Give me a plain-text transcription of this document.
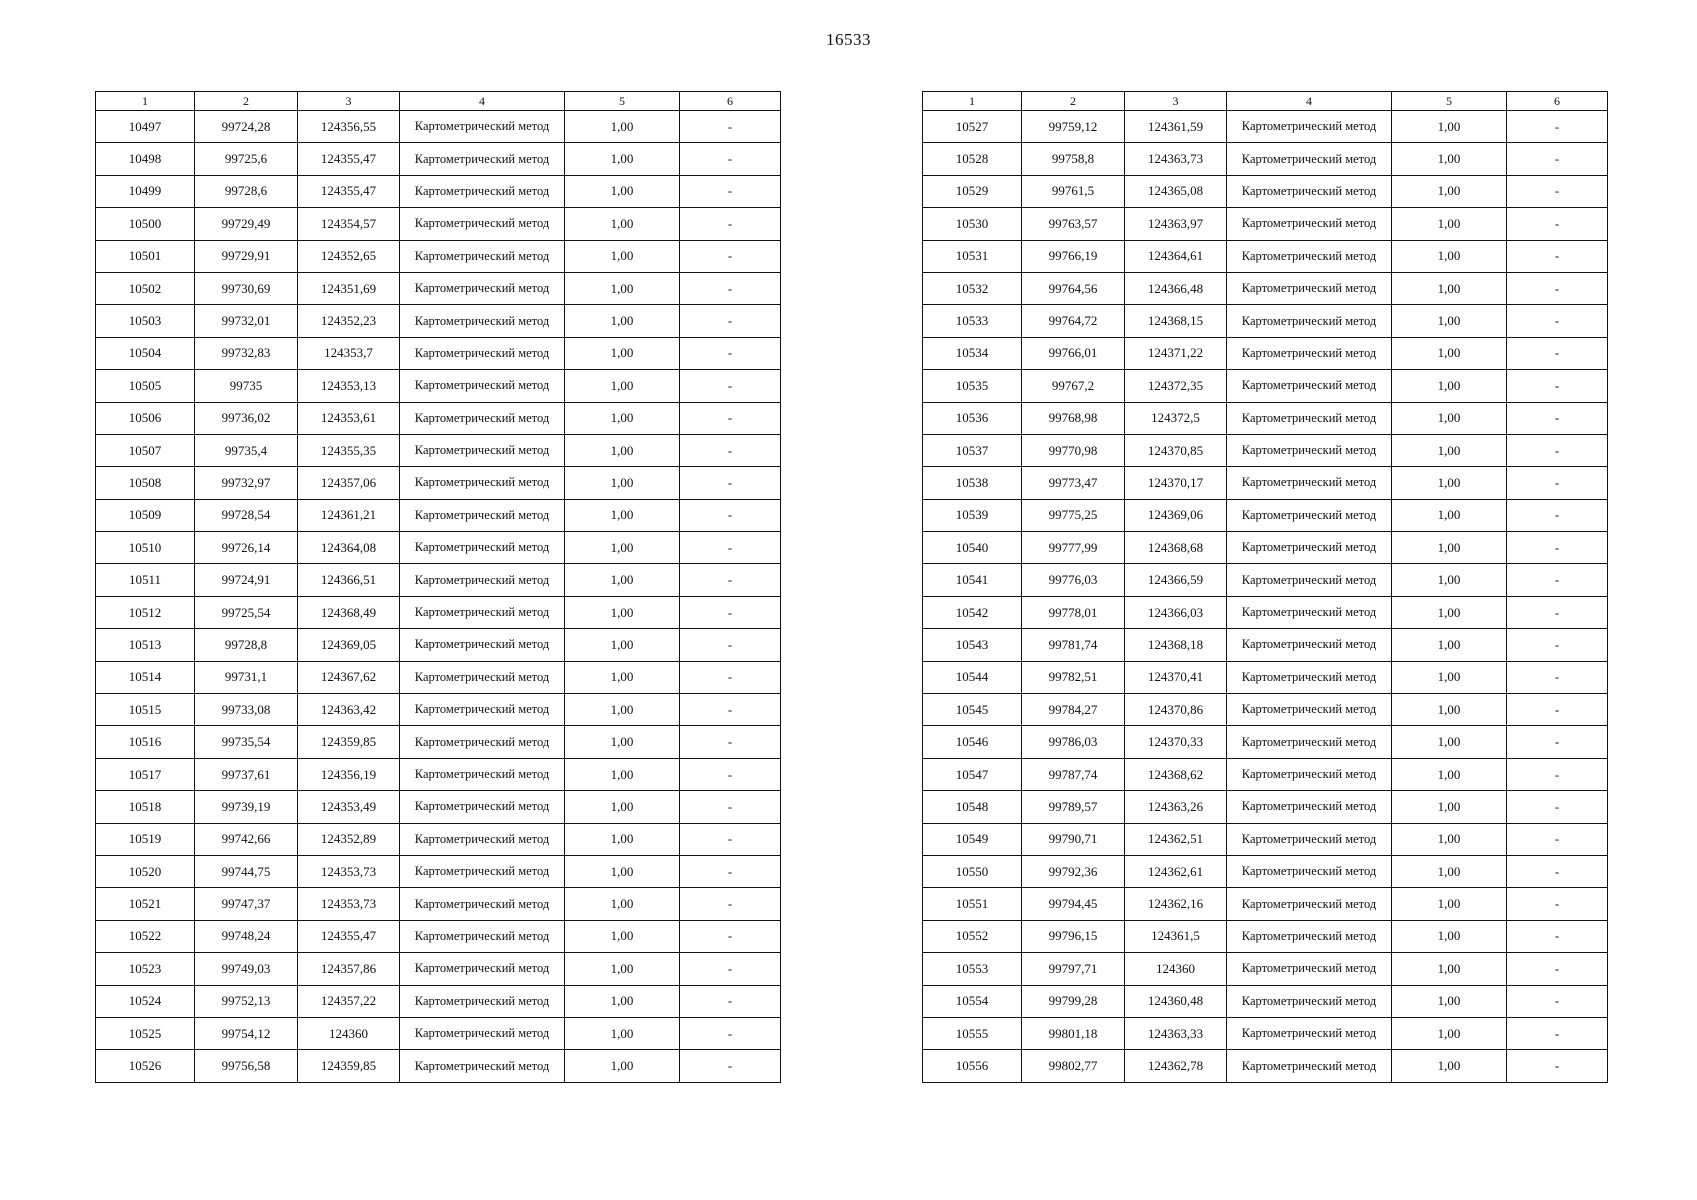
16533
1	2	3	4	5	6
10497	99724,28	124356,55	Картометрический метод	1,00	-
10498	99725,6	124355,47	Картометрический метод	1,00	-
10499	99728,6	124355,47	Картометрический метод	1,00	-
10500	99729,49	124354,57	Картометрический метод	1,00	-
10501	99729,91	124352,65	Картометрический метод	1,00	-
10502	99730,69	124351,69	Картометрический метод	1,00	-
10503	99732,01	124352,23	Картометрический метод	1,00	-
10504	99732,83	124353,7	Картометрический метод	1,00	-
10505	99735	124353,13	Картометрический метод	1,00	-
10506	99736,02	124353,61	Картометрический метод	1,00	-
10507	99735,4	124355,35	Картометрический метод	1,00	-
10508	99732,97	124357,06	Картометрический метод	1,00	-
10509	99728,54	124361,21	Картометрический метод	1,00	-
10510	99726,14	124364,08	Картометрический метод	1,00	-
10511	99724,91	124366,51	Картометрический метод	1,00	-
10512	99725,54	124368,49	Картометрический метод	1,00	-
10513	99728,8	124369,05	Картометрический метод	1,00	-
10514	99731,1	124367,62	Картометрический метод	1,00	-
10515	99733,08	124363,42	Картометрический метод	1,00	-
10516	99735,54	124359,85	Картометрический метод	1,00	-
10517	99737,61	124356,19	Картометрический метод	1,00	-
10518	99739,19	124353,49	Картометрический метод	1,00	-
10519	99742,66	124352,89	Картометрический метод	1,00	-
10520	99744,75	124353,73	Картометрический метод	1,00	-
10521	99747,37	124353,73	Картометрический метод	1,00	-
10522	99748,24	124355,47	Картометрический метод	1,00	-
10523	99749,03	124357,86	Картометрический метод	1,00	-
10524	99752,13	124357,22	Картометрический метод	1,00	-
10525	99754,12	124360	Картометрический метод	1,00	-
10526	99756,58	124359,85	Картометрический метод	1,00	-
1	2	3	4	5	6
10527	99759,12	124361,59	Картометрический метод	1,00	-
10528	99758,8	124363,73	Картометрический метод	1,00	-
10529	99761,5	124365,08	Картометрический метод	1,00	-
10530	99763,57	124363,97	Картометрический метод	1,00	-
10531	99766,19	124364,61	Картометрический метод	1,00	-
10532	99764,56	124366,48	Картометрический метод	1,00	-
10533	99764,72	124368,15	Картометрический метод	1,00	-
10534	99766,01	124371,22	Картометрический метод	1,00	-
10535	99767,2	124372,35	Картометрический метод	1,00	-
10536	99768,98	124372,5	Картометрический метод	1,00	-
10537	99770,98	124370,85	Картометрический метод	1,00	-
10538	99773,47	124370,17	Картометрический метод	1,00	-
10539	99775,25	124369,06	Картометрический метод	1,00	-
10540	99777,99	124368,68	Картометрический метод	1,00	-
10541	99776,03	124366,59	Картометрический метод	1,00	-
10542	99778,01	124366,03	Картометрический метод	1,00	-
10543	99781,74	124368,18	Картометрический метод	1,00	-
10544	99782,51	124370,41	Картометрический метод	1,00	-
10545	99784,27	124370,86	Картометрический метод	1,00	-
10546	99786,03	124370,33	Картометрический метод	1,00	-
10547	99787,74	124368,62	Картометрический метод	1,00	-
10548	99789,57	124363,26	Картометрический метод	1,00	-
10549	99790,71	124362,51	Картометрический метод	1,00	-
10550	99792,36	124362,61	Картометрический метод	1,00	-
10551	99794,45	124362,16	Картометрический метод	1,00	-
10552	99796,15	124361,5	Картометрический метод	1,00	-
10553	99797,71	124360	Картометрический метод	1,00	-
10554	99799,28	124360,48	Картометрический метод	1,00	-
10555	99801,18	124363,33	Картометрический метод	1,00	-
10556	99802,77	124362,78	Картометрический метод	1,00	-
